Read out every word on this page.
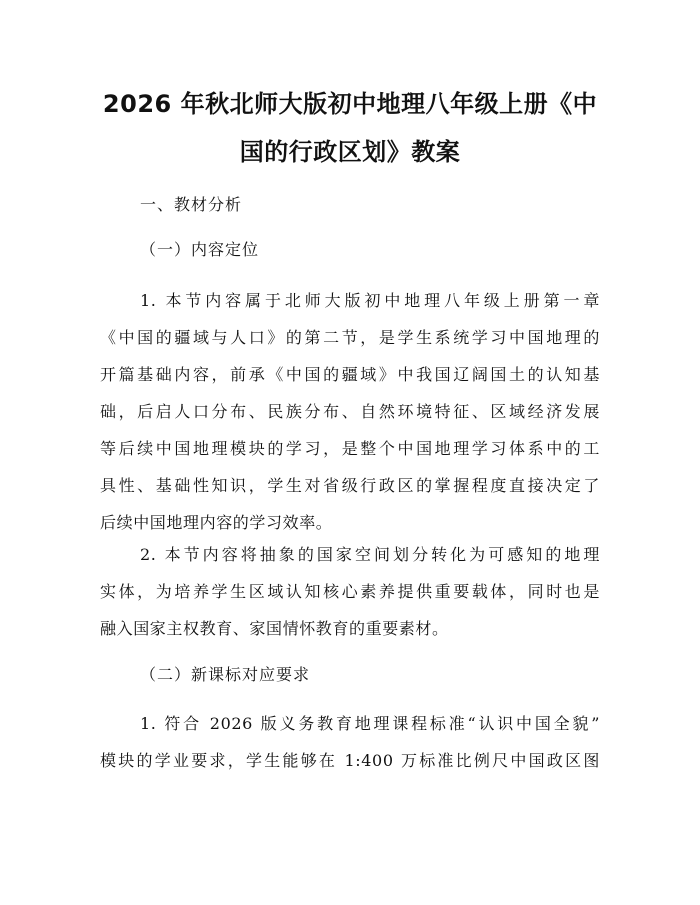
2026 年秋北师大版初中地理八年级上册《中
国的行政区划》教案

一、教材分析

（一）内容定位

1. 本节内容属于北师大版初中地理八年级上册第一章
《中国的疆域与人口》的第二节，是学生系统学习中国地理的
开篇基础内容，前承《中国的疆域》中我国辽阔国土的认知基
础，后启人口分布、民族分布、自然环境特征、区域经济发展
等后续中国地理模块的学习，是整个中国地理学习体系中的工
具性、基础性知识，学生对省级行政区的掌握程度直接决定了
后续中国地理内容的学习效率。
2. 本节内容将抽象的国家空间划分转化为可感知的地理
实体，为培养学生区域认知核心素养提供重要载体，同时也是
融入国家主权教育、家国情怀教育的重要素材。

（二）新课标对应要求

1. 符合 2026 版义务教育地理课程标准“认识中国全貌”
模块的学业要求，学生能够在 1:400 万标准比例尺中国政区图
